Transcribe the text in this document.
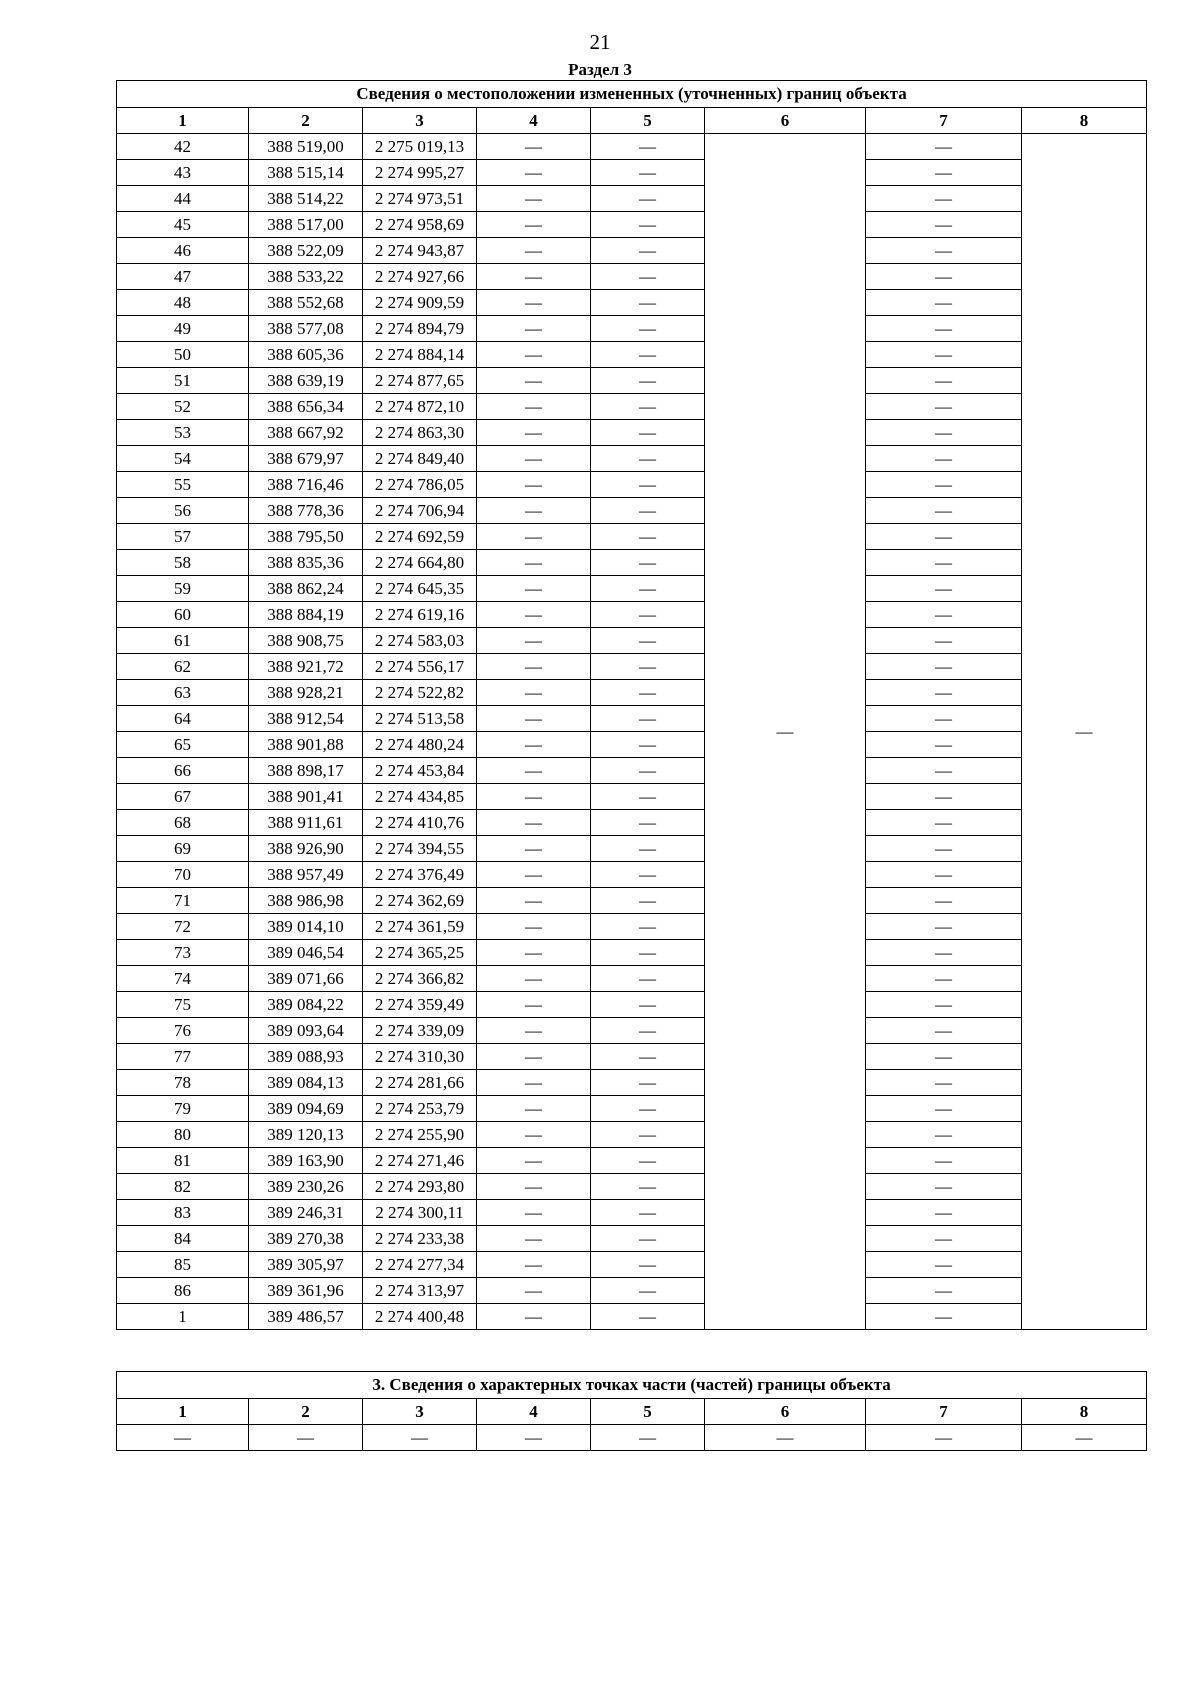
21
Раздел 3
Сведения о местоположении измененных (уточненных) границ объекта							
1	2	3	4	5	6	7	8
42	388 519,00	2 275 019,13	—	—	—	—	—
43	388 515,14	2 274 995,27	—	—		—	
44	388 514,22	2 274 973,51	—	—		—	
45	388 517,00	2 274 958,69	—	—		—	
46	388 522,09	2 274 943,87	—	—		—	
47	388 533,22	2 274 927,66	—	—		—	
48	388 552,68	2 274 909,59	—	—		—	
49	388 577,08	2 274 894,79	—	—		—	
50	388 605,36	2 274 884,14	—	—		—	
51	388 639,19	2 274 877,65	—	—		—	
52	388 656,34	2 274 872,10	—	—		—	
53	388 667,92	2 274 863,30	—	—		—	
54	388 679,97	2 274 849,40	—	—		—	
55	388 716,46	2 274 786,05	—	—		—	
56	388 778,36	2 274 706,94	—	—		—	
57	388 795,50	2 274 692,59	—	—		—	
58	388 835,36	2 274 664,80	—	—		—	
59	388 862,24	2 274 645,35	—	—		—	
60	388 884,19	2 274 619,16	—	—		—	
61	388 908,75	2 274 583,03	—	—		—	
62	388 921,72	2 274 556,17	—	—		—	
63	388 928,21	2 274 522,82	—	—		—	
64	388 912,54	2 274 513,58	—	—		—	
65	388 901,88	2 274 480,24	—	—		—	
66	388 898,17	2 274 453,84	—	—		—	
67	388 901,41	2 274 434,85	—	—		—	
68	388 911,61	2 274 410,76	—	—		—	
69	388 926,90	2 274 394,55	—	—		—	
70	388 957,49	2 274 376,49	—	—		—	
71	388 986,98	2 274 362,69	—	—		—	
72	389 014,10	2 274 361,59	—	—		—	
73	389 046,54	2 274 365,25	—	—		—	
74	389 071,66	2 274 366,82	—	—		—	
75	389 084,22	2 274 359,49	—	—		—	
76	389 093,64	2 274 339,09	—	—		—	
77	389 088,93	2 274 310,30	—	—		—	
78	389 084,13	2 274 281,66	—	—		—	
79	389 094,69	2 274 253,79	—	—		—	
80	389 120,13	2 274 255,90	—	—		—	
81	389 163,90	2 274 271,46	—	—		—	
82	389 230,26	2 274 293,80	—	—		—	
83	389 246,31	2 274 300,11	—	—		—	
84	389 270,38	2 274 233,38	—	—		—	
85	389 305,97	2 274 277,34	—	—		—	
86	389 361,96	2 274 313,97	—	—		—	
1	389 486,57	2 274 400,48	—	—		—	
3. Сведения о характерных точках части (частей) границы объекта							
1	2	3	4	5	6	7	8
—	—	—	—	—	—	—	—
